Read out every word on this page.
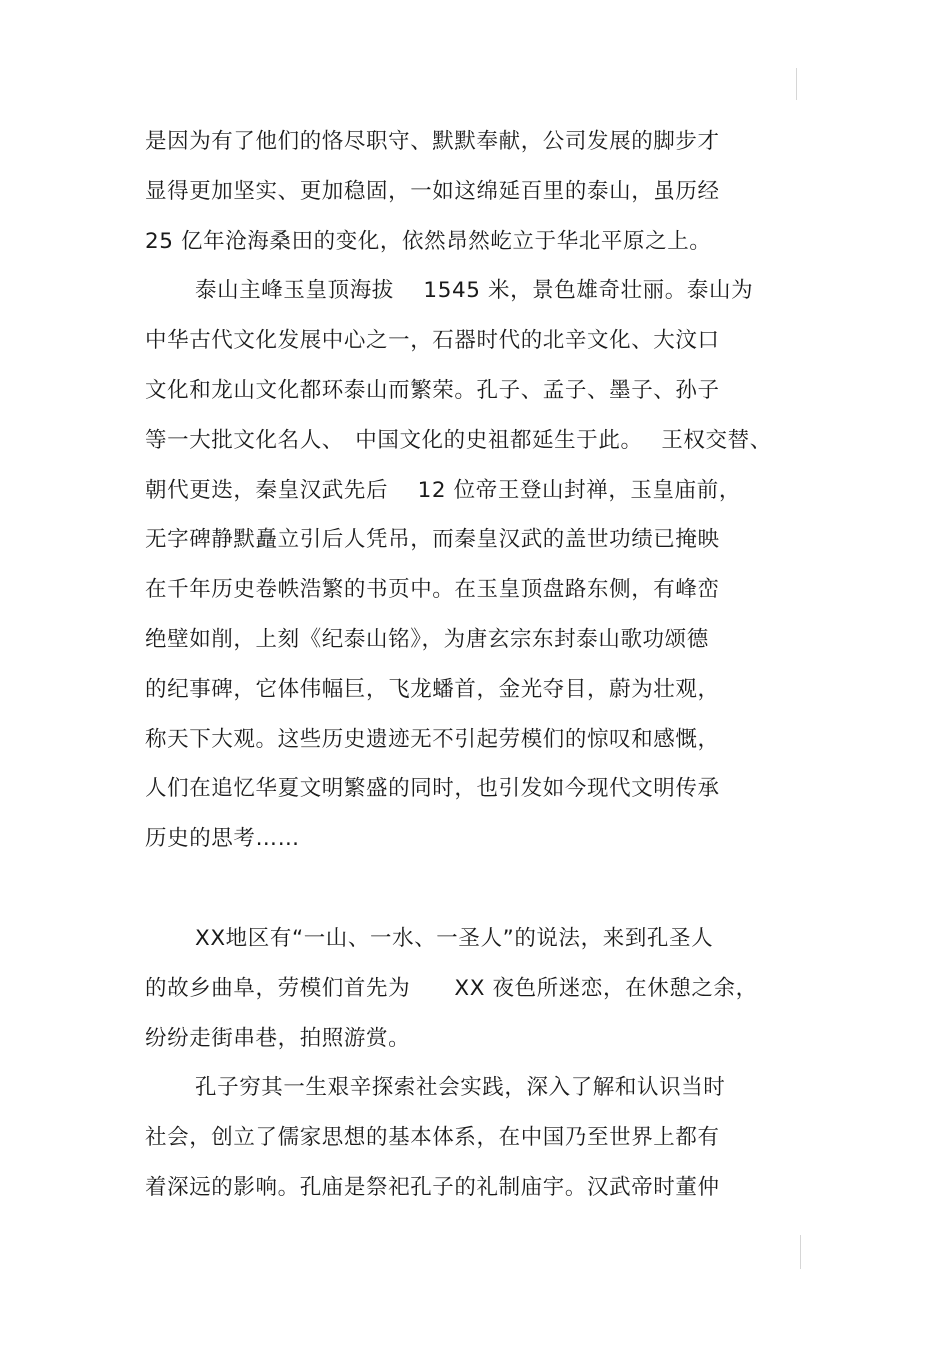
是因为有了他们的恪尽职守、默默奉献，公司发展的脚步才
显得更加坚实、更加稳固，一如这绵延百里的泰山，虽历经
25 亿年沧海桑田的变化，依然昂然屹立于华北平原之上。
泰山主峰玉皇顶海拔　 1545 米，景色雄奇壮丽。泰山为
中华古代文化发展中心之一，石器时代的北辛文化、大汶口
文化和龙山文化都环泰山而繁荣。孔子、孟子、墨子、孙子
等一大批文化名人、　中国文化的史祖都延生于此。　 王权交替、
朝代更迭，秦皇汉武先后　 12 位帝王登山封禅，玉皇庙前，
无字碑静默矗立引后人凭吊，而秦皇汉武的盖世功绩已掩映
在千年历史卷帙浩繁的书页中。在玉皇顶盘路东侧，有峰峦
绝壁如削，上刻《纪泰山铭》，为唐玄宗东封泰山歌功颂德
的纪事碑，它体伟幅巨，飞龙蟠首，金光夺目，蔚为壮观，
称天下大观。这些历史遗迹无不引起劳模们的惊叹和感慨，
人们在追忆华夏文明繁盛的同时，也引发如今现代文明传承
历史的思考……
XX地区有“一山、一水、一圣人”的说法，来到孔圣人
的故乡曲阜，劳模们首先为　　XX 夜色所迷恋，在休憩之余，
纷纷走街串巷，拍照游赏。
孔子穷其一生艰辛探索社会实践，深入了解和认识当时
社会，创立了儒家思想的基本体系，在中国乃至世界上都有
着深远的影响。孔庙是祭祀孔子的礼制庙宇。汉武帝时董仲
